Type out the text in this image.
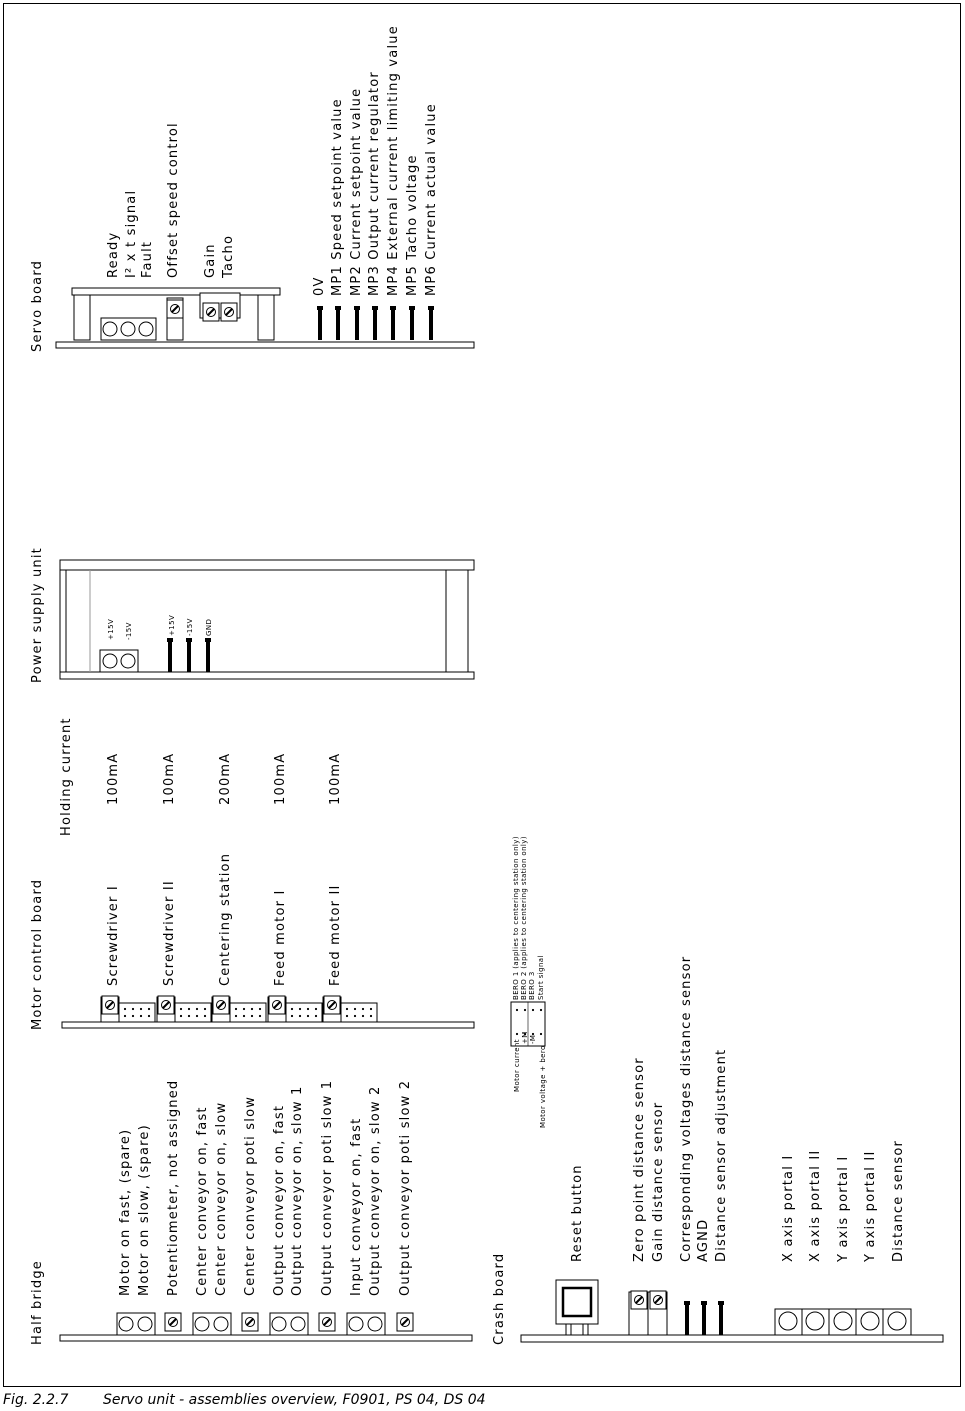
Servo board
Ready I² x t signal Fault Offset speed control Gain Tacho
0V MP1 Speed setpoint value MP2 Current setpoint value MP3 Output current regulator MP4 External current limiting value MP5 Tacho voltage MP6 Current actual value
Power supply unit	+15V -15V	+15V -15V GND
Motor control board
Holding current
Screwdriver I	Screwdriver II	Centering station	Feed motor I	Feed motor II
100mA	100mA	200mA	100mA	100mA
Motor current
+M -M
Motor voltage + bero
BERO 1 (applies to centering station only) BERO 2 (applies to centering station only) BERO 3 Start signal
Half bridge
Motor on fast, (spare) Motor on slow, (spare) Potentiometer, not assigned Center conveyor on, fast Center conveyor on, slow Center conveyor poti slow Output conveyor on, fast Output conveyor on, slow 1 Output conveyor poti slow 1 Input conveyor on, fast Output conveyor on, slow 2 Output conveyor poti slow 2
Crash board
Reset button	Zero point distance sensor Gain distance sensor Corresponding voltages distance sensor AGND Distance sensor adjustment	X axis portal I X axis portal II Y axis portal I Y axis portal II Distance sensor
Fig. 2.2.7 Servo unit - assemblies overview, F0901, PS 04, DS 04
